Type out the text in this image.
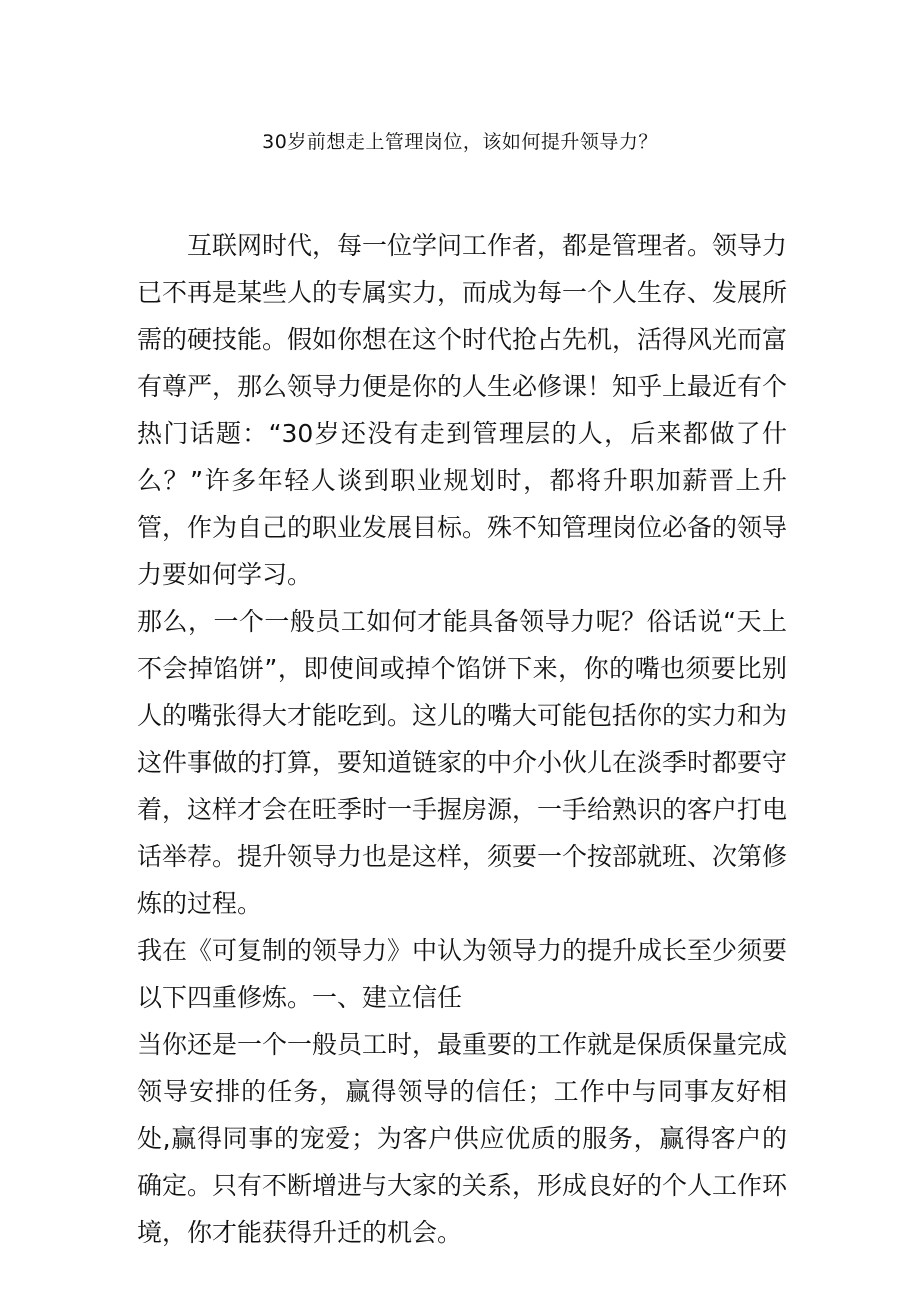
30岁前想走上管理岗位，该如何提升领导力？

互联网时代，每一位学问工作者，都是管理者。领导力已不再是某些人的专属实力，而成为每一个人生存、发展所需的硬技能。假如你想在这个时代抢占先机，活得风光而富有尊严，那么领导力便是你的人生必修课！知乎上最近有个热门话题：“30岁还没有走到管理层的人，后来都做了什么？”许多年轻人谈到职业规划时，都将升职加薪晋上升管，作为自己的职业发展目标。殊不知管理岗位必备的领导力要如何学习。

那么，一个一般员工如何才能具备领导力呢？俗话说“天上不会掉馅饼”，即使间或掉个馅饼下来，你的嘴也须要比别人的嘴张得大才能吃到。这儿的嘴大可能包括你的实力和为这件事做的打算，要知道链家的中介小伙儿在淡季时都要守着，这样才会在旺季时一手握房源，一手给熟识的客户打电话举荐。提升领导力也是这样，须要一个按部就班、次第修炼的过程。

我在《可复制的领导力》中认为领导力的提升成长至少须要以下四重修炼。一、建立信任

当你还是一个一般员工时，最重要的工作就是保质保量完成领导安排的任务，赢得领导的信任；工作中与同事友好相处,赢得同事的宠爱；为客户供应优质的服务，赢得客户的确定。只有不断增进与大家的关系，形成良好的个人工作环境，你才能获得升迁的机会。
